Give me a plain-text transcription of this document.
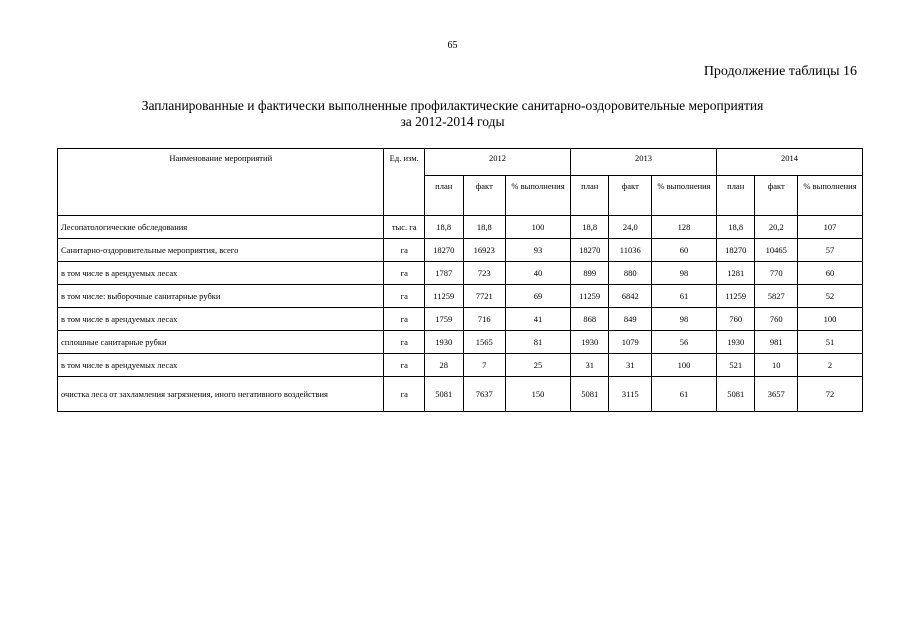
65
Продолжение таблицы 16
Запланированные и фактически выполненные профилактические санитарно-оздоровительные мероприятия
за 2012-2014 годы
Наименование мероприятий	Ед. изм.	2012			2013			2014		
		план	факт	% выполнения	план	факт	% выполнения	план	факт	% выполнения
Лесопатологические обследования	тыс. га	18,8	18,8	100	18,8	24,0	128	18,8	20,2	107
Санитарно-оздоровительные мероприятия, всего	га	18270	16923	93	18270	11036	60	18270	10465	57
в том числе в арендуемых лесах	га	1787	723	40	899	880	98	1281	770	60
в том числе: выборочные санитарные рубки	га	11259	7721	69	11259	6842	61	11259	5827	52
в том числе в арендуемых лесах	га	1759	716	41	868	849	98	760	760	100
сплошные санитарные рубки	га	1930	1565	81	1930	1079	56	1930	981	51
в том числе в арендуемых лесах	га	28	7	25	31	31	100	521	10	2
очистка леса от захламления загрязнения, иного негативного воздействия	га	5081	7637	150	5081	3115	61	5081	3657	72
